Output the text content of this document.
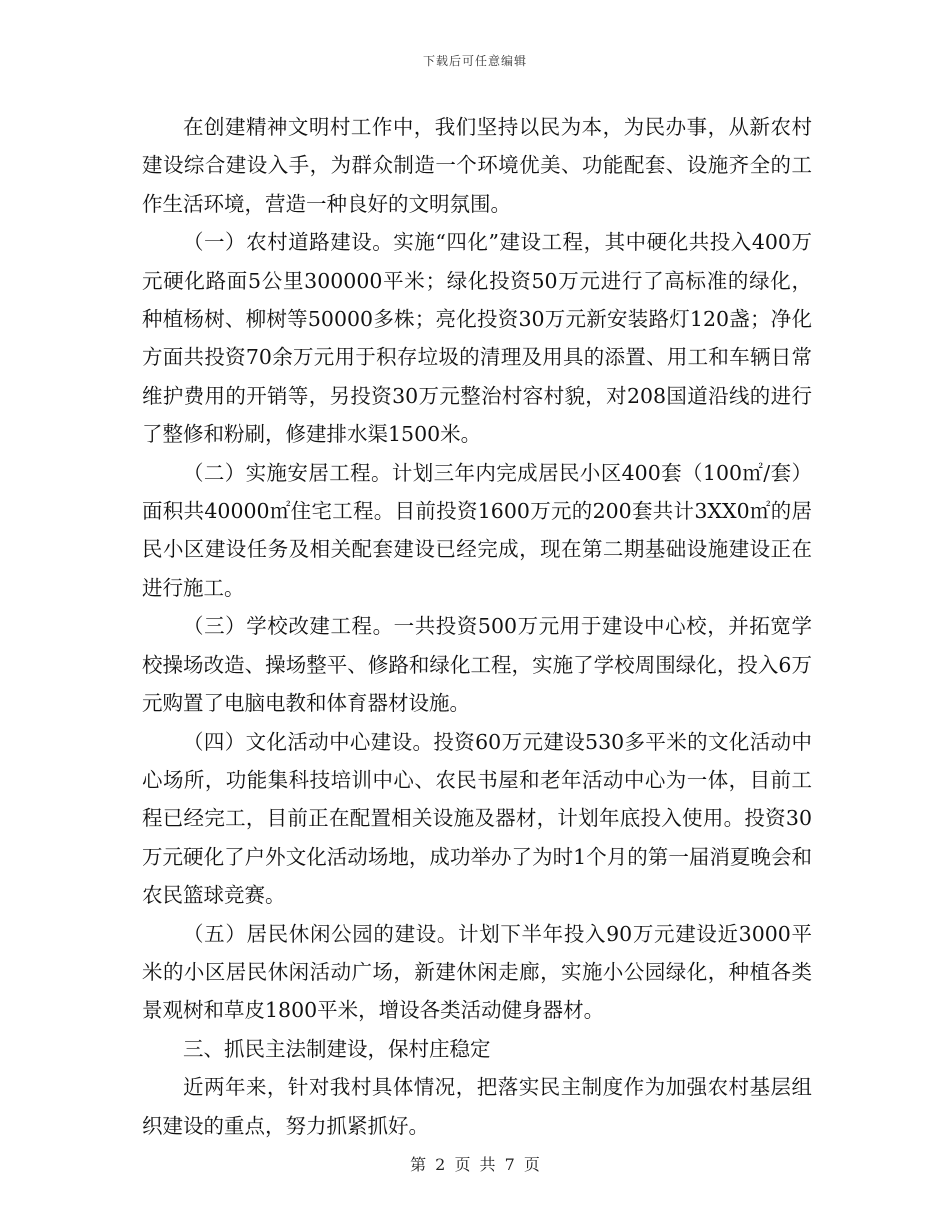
下载后可任意编辑

在创建精神文明村工作中，我们坚持以民为本，为民办事，从新农村建设综合建设入手，为群众制造一个环境优美、功能配套、设施齐全的工作生活环境，营造一种良好的文明氛围。

（一）农村道路建设。实施“四化”建设工程，其中硬化共投入400万元硬化路面5公里300000平米；绿化投资50万元进行了高标准的绿化，种植杨树、柳树等50000多株；亮化投资30万元新安装路灯120盏；净化方面共投资70余万元用于积存垃圾的清理及用具的添置、用工和车辆日常维护费用的开销等，另投资30万元整治村容村貌，对208国道沿线的进行了整修和粉刷，修建排水渠1500米。

（二）实施安居工程。计划三年内完成居民小区400套（100㎡/套）面积共40000㎡住宅工程。目前投资1600万元的200套共计3XX0㎡的居民小区建设任务及相关配套建设已经完成，现在第二期基础设施建设正在进行施工。

（三）学校改建工程。一共投资500万元用于建设中心校，并拓宽学校操场改造、操场整平、修路和绿化工程，实施了学校周围绿化，投入6万元购置了电脑电教和体育器材设施。

（四）文化活动中心建设。投资60万元建设530多平米的文化活动中心场所，功能集科技培训中心、农民书屋和老年活动中心为一体，目前工程已经完工，目前正在配置相关设施及器材，计划年底投入使用。投资30万元硬化了户外文化活动场地，成功举办了为时1个月的第一届消夏晚会和农民篮球竞赛。

（五）居民休闲公园的建设。计划下半年投入90万元建设近3000平米的小区居民休闲活动广场，新建休闲走廊，实施小公园绿化，种植各类景观树和草皮1800平米，增设各类活动健身器材。

三、抓民主法制建设，保村庄稳定

近两年来，针对我村具体情况，把落实民主制度作为加强农村基层组织建设的重点，努力抓紧抓好。

第 2 页 共 7 页
